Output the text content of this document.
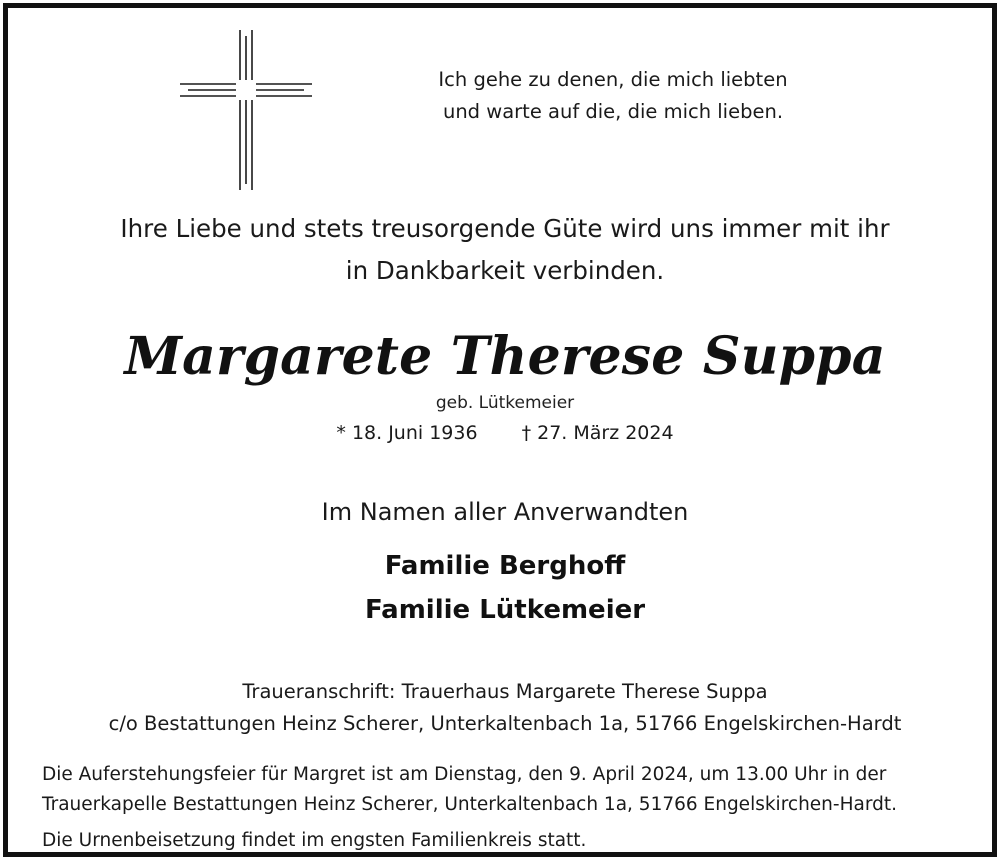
Ich gehe zu denen, die mich liebten
und warte auf die, die mich lieben.
Ihre Liebe und stets treusorgende Güte wird uns immer mit ihr
in Dankbarkeit verbinden.
Margarete Therese Suppa
geb. Lütkemeier
* 18. Juni 1936 † 27. März 2024
Im Namen aller Anverwandten
Familie Berghoff
Familie Lütkemeier
Traueranschrift: Trauerhaus Margarete Therese Suppa
c/o Bestattungen Heinz Scherer, Unterkaltenbach 1a, 51766 Engelskirchen-Hardt
Die Auferstehungsfeier für Margret ist am Dienstag, den 9. April 2024, um 13.00 Uhr in der
Trauerkapelle Bestattungen Heinz Scherer, Unterkaltenbach 1a, 51766 Engelskirchen-Hardt.
Die Urnenbeisetzung findet im engsten Familienkreis statt.
